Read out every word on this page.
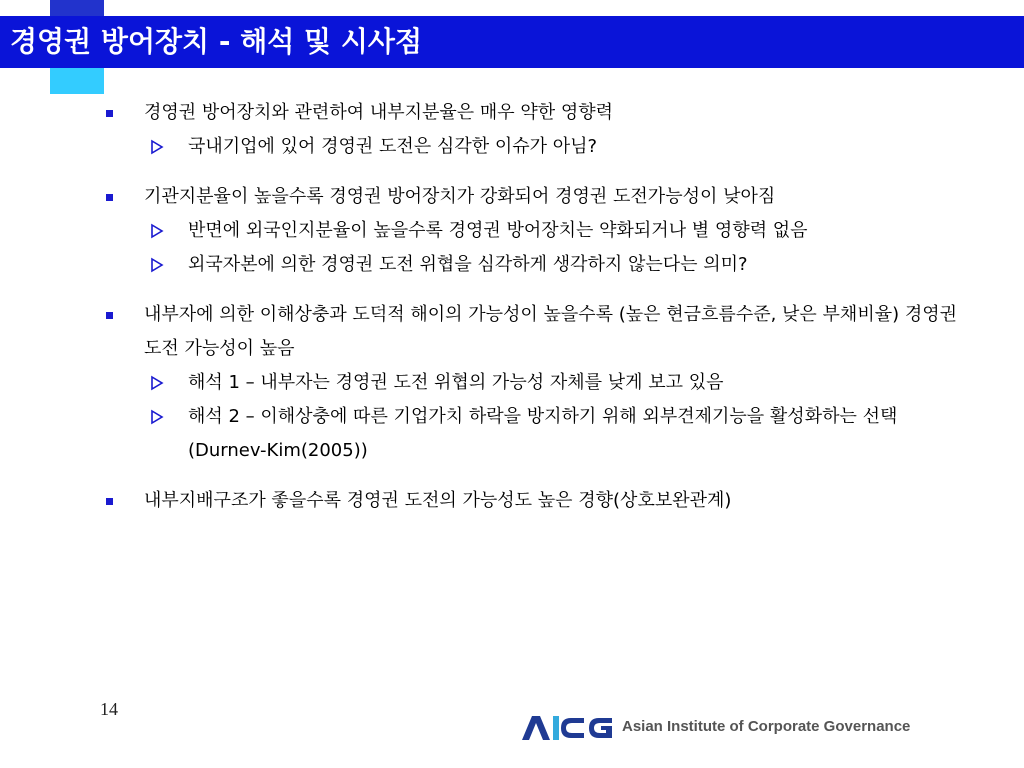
경영권 방어장치 - 해석 및 시사점
경영권 방어장치와 관련하여 내부지분율은 매우 약한 영향력
국내기업에 있어 경영권 도전은 심각한 이슈가 아님?
기관지분율이 높을수록 경영권 방어장치가 강화되어 경영권 도전가능성이 낮아짐
반면에 외국인지분율이 높을수록 경영권 방어장치는 약화되거나 별 영향력 없음
외국자본에 의한 경영권 도전 위협을 심각하게 생각하지 않는다는 의미?
내부자에 의한 이해상충과 도덕적 해이의 가능성이 높을수록 (높은 현금흐름수준, 낮은 부채비율) 경영권 도전 가능성이 높음
해석 1 – 내부자는 경영권 도전 위협의 가능성 자체를 낮게 보고 있음
해석 2 – 이해상충에 따른 기업가치 하락을 방지하기 위해 외부견제기능을 활성화하는 선택 (Durnev-Kim(2005))
내부지배구조가 좋을수록 경영권 도전의 가능성도 높은 경향(상호보완관계)
14
Asian Institute of Corporate Governance
